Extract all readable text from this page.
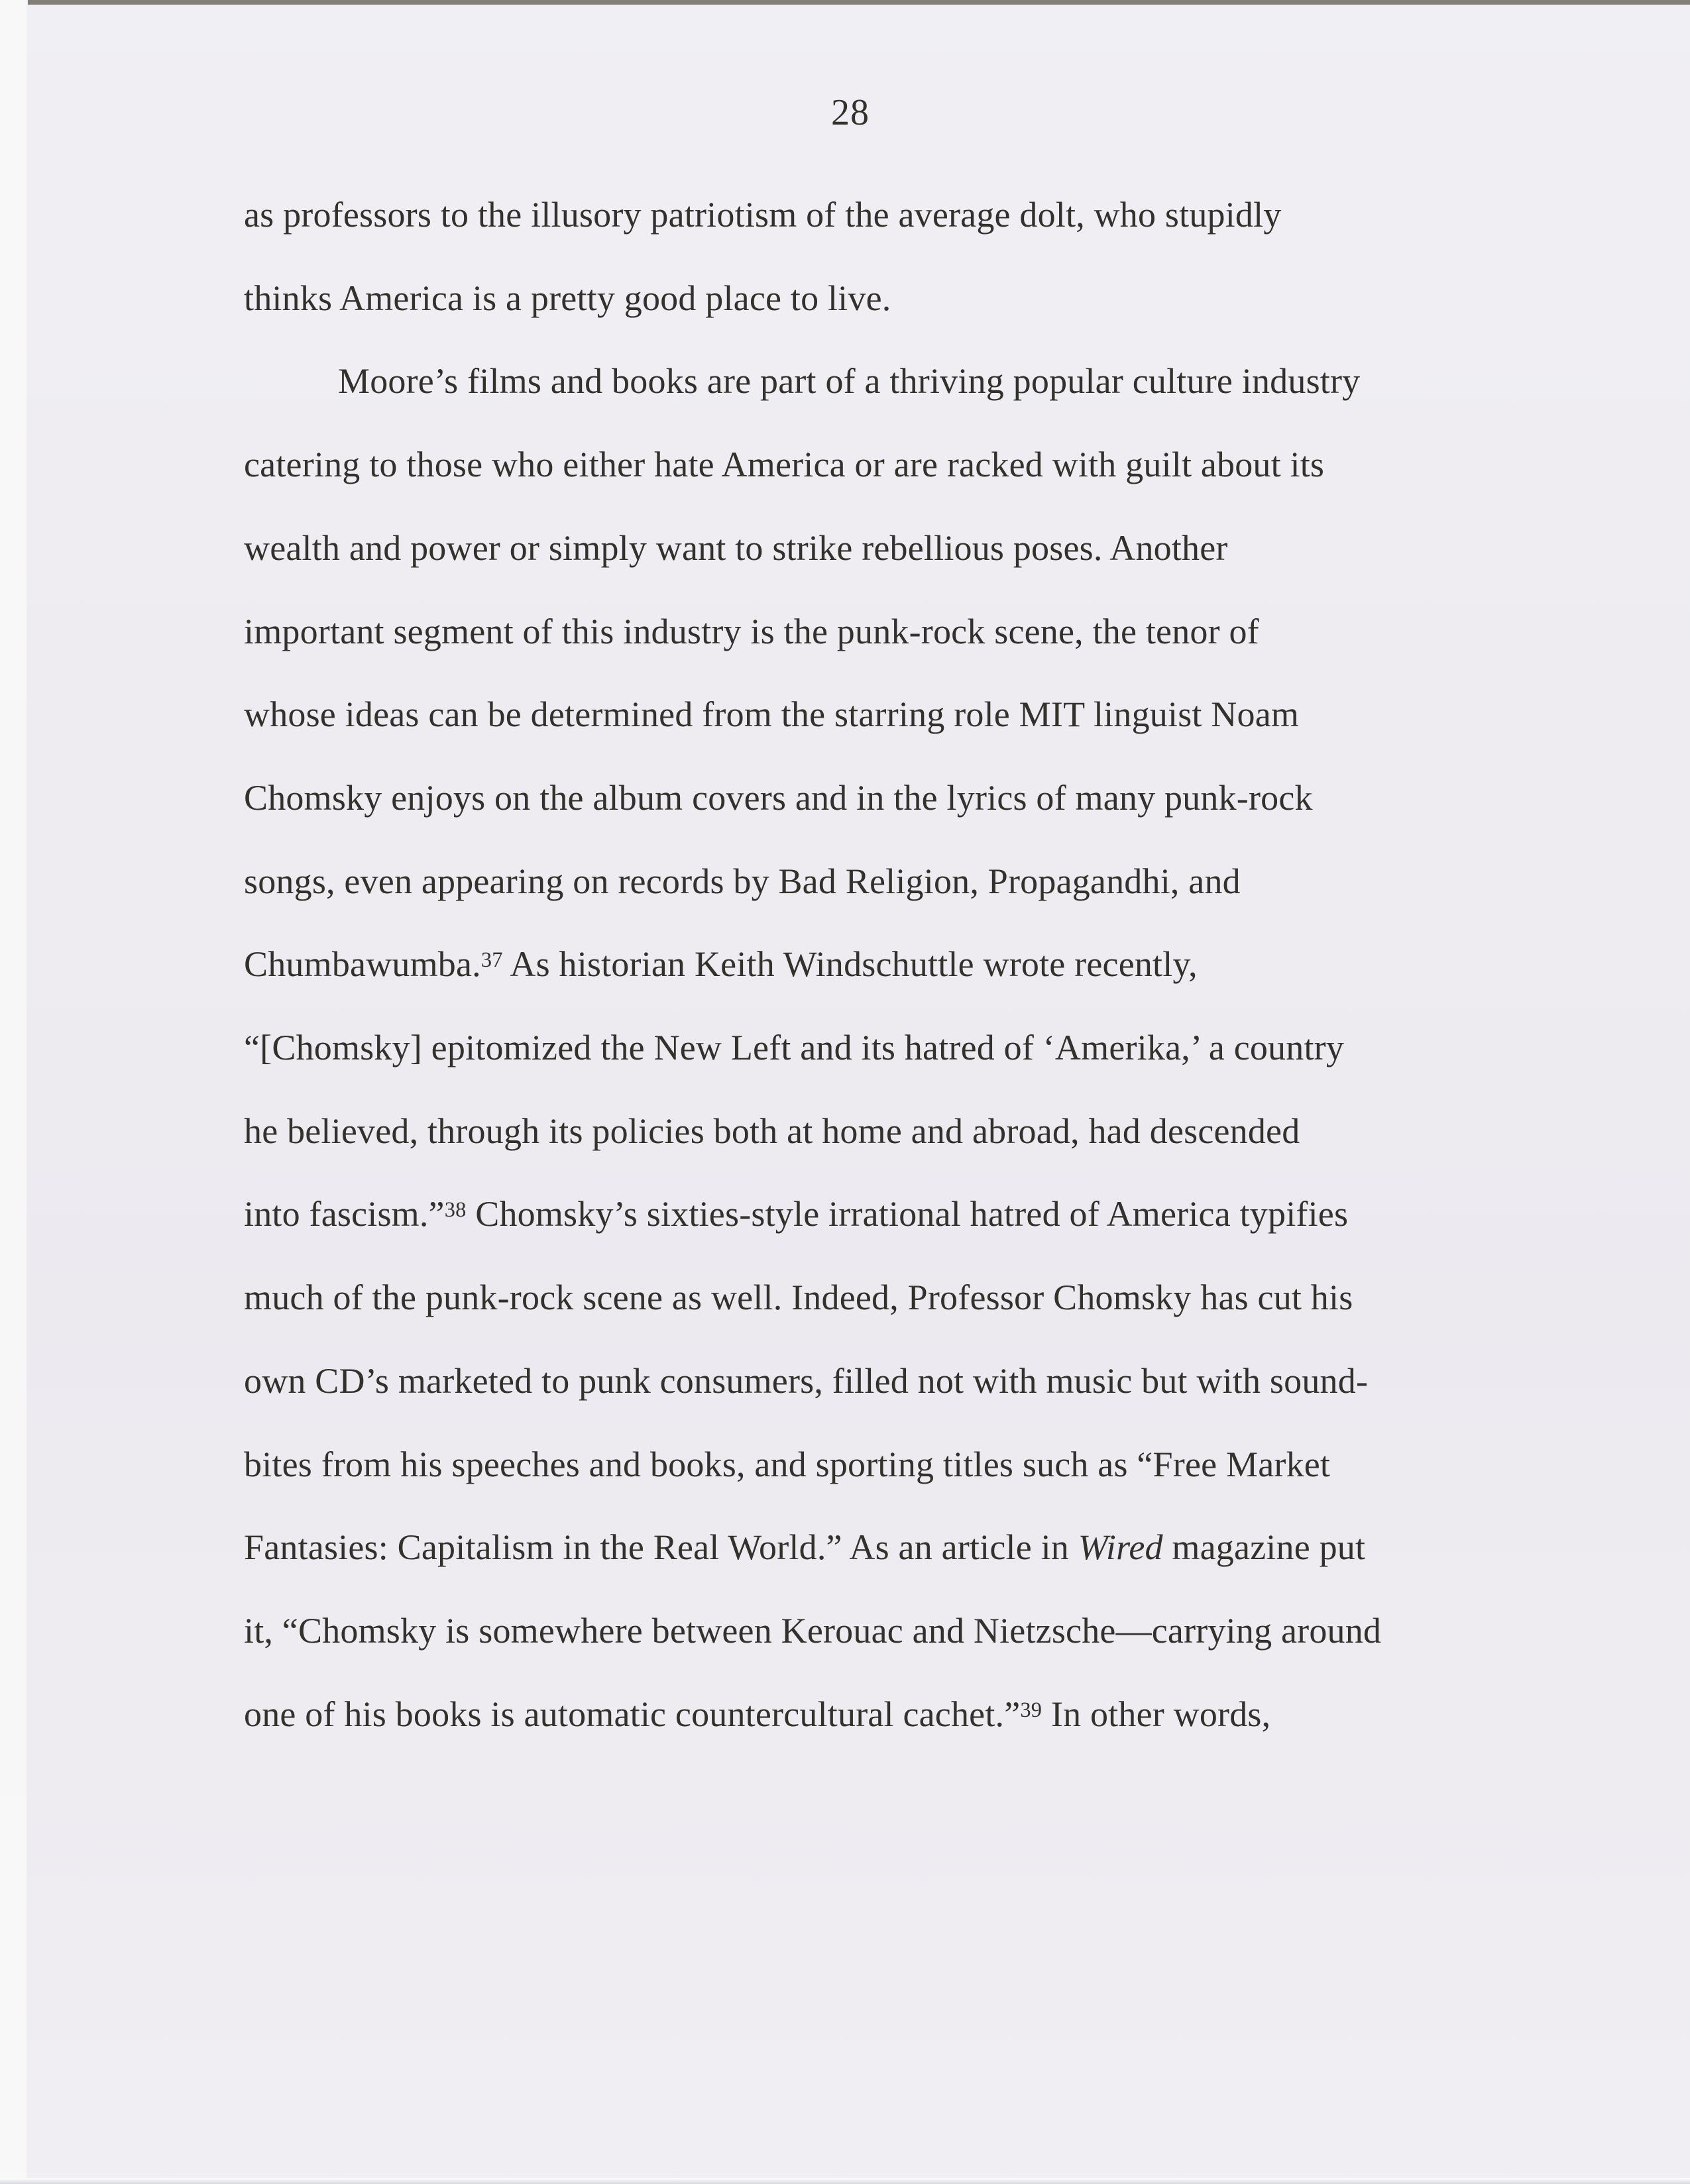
28
as professors to the illusory patriotism of the average dolt, who stupidly
thinks America is a pretty good place to live.
Moore’s films and books are part of a thriving popular culture industry
catering to those who either hate America or are racked with guilt about its
wealth and power or simply want to strike rebellious poses. Another
important segment of this industry is the punk-rock scene, the tenor of
whose ideas can be determined from the starring role MIT linguist Noam
Chomsky enjoys on the album covers and in the lyrics of many punk-rock
songs, even appearing on records by Bad Religion, Propagandhi, and
Chumbawumba.$^{37}$ As historian Keith Windschuttle wrote recently,
“[Chomsky] epitomized the New Left and its hatred of ‘Amerika,’ a country
he believed, through its policies both at home and abroad, had descended
into fascism.”$^{38}$ Chomsky’s sixties-style irrational hatred of America typifies
much of the punk-rock scene as well. Indeed, Professor Chomsky has cut his
own CD’s marketed to punk consumers, filled not with music but with sound-
bites from his speeches and books, and sporting titles such as “Free Market
Fantasies: Capitalism in the Real World.” As an article in Wired magazine put
it, “Chomsky is somewhere between Kerouac and Nietzsche—carrying around
one of his books is automatic countercultural cachet.”$^{39}$ In other words,
